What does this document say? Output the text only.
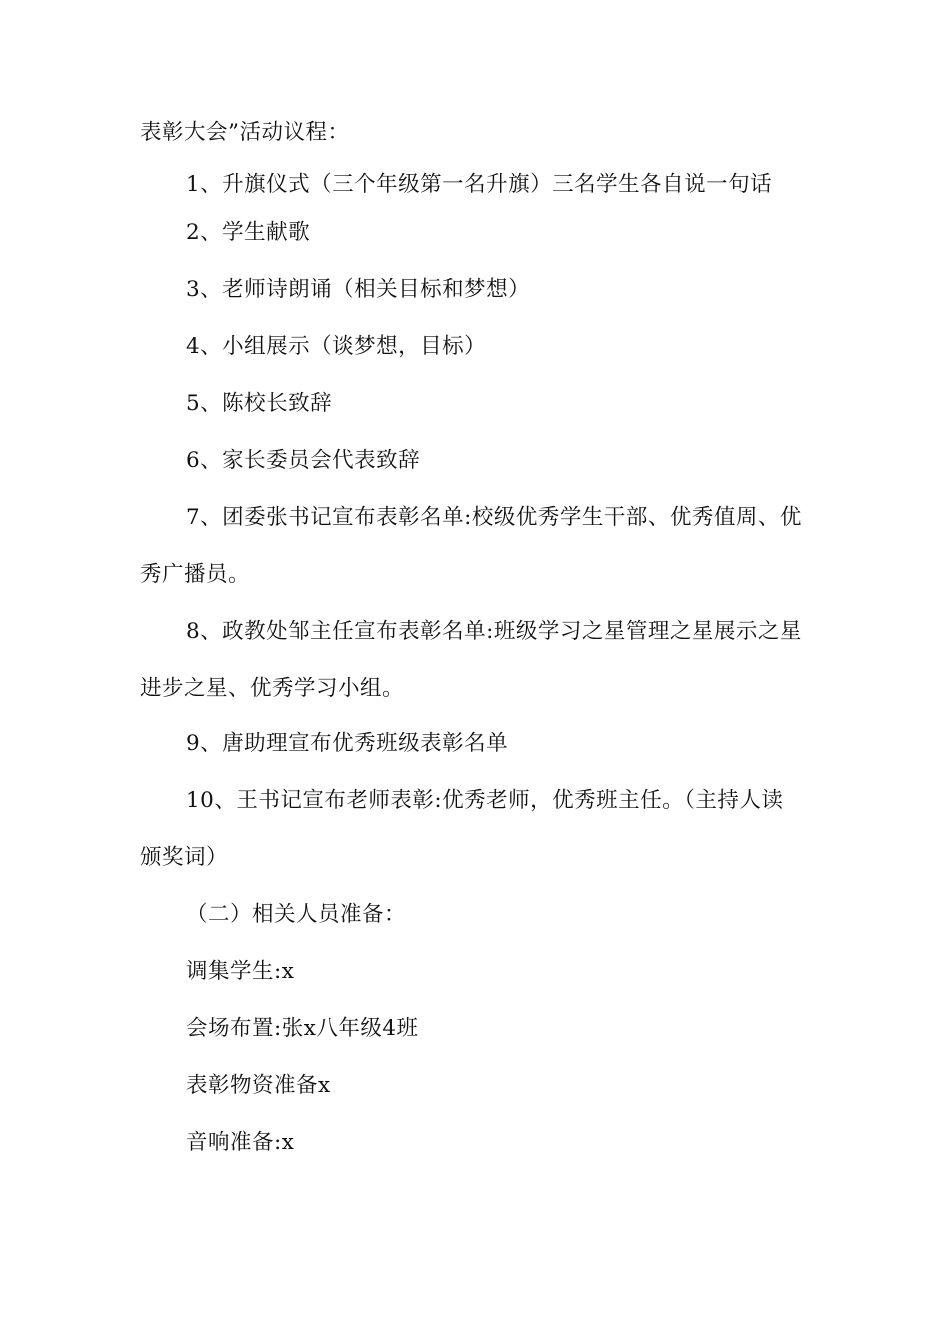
表彰大会”活动议程：
1、升旗仪式（三个年级第一名升旗）三名学生各自说一句话
2、学生献歌
3、老师诗朗诵（相关目标和梦想）
4、小组展示（谈梦想，目标）
5、陈校长致辞
6、家长委员会代表致辞
7、团委张书记宣布表彰名单:校级优秀学生干部、优秀值周、优
秀广播员。
8、政教处邹主任宣布表彰名单:班级学习之星管理之星展示之星
进步之星、优秀学习小组。
9、唐助理宣布优秀班级表彰名单
10、王书记宣布老师表彰:优秀老师，优秀班主任。（主持人读
颁奖词）
（二）相关人员准备：
调集学生:x
会场布置:张x八年级4班
表彰物资准备x
音响准备:x
